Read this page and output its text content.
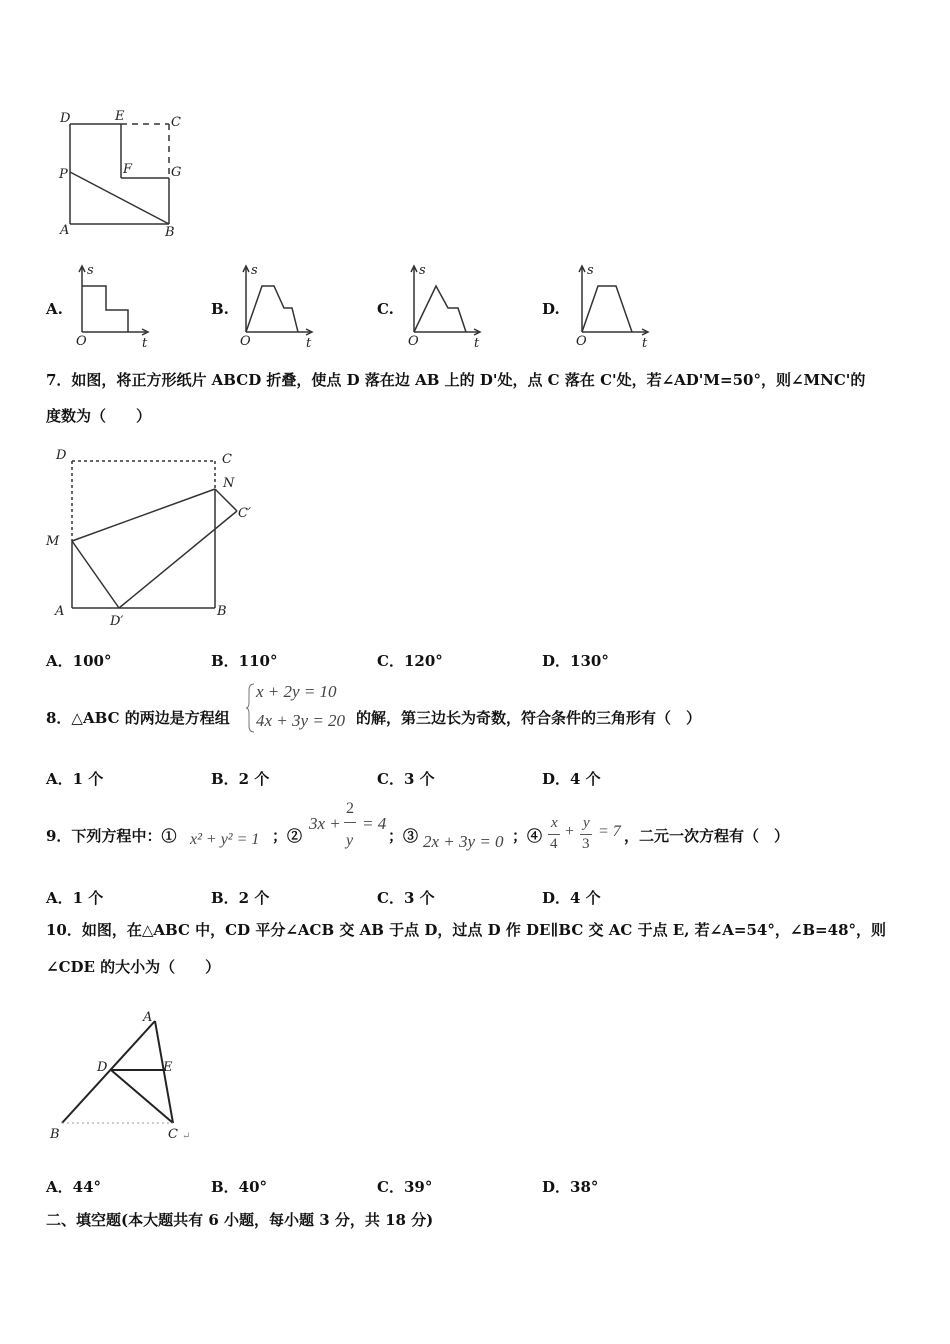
D	E	C
P	F	G
A	B
A.
s
O	t
B.
s
O	t
C.
s
O	t
D.
s
O	t
7．如图，将正方形纸片 ABCD 折叠，使点 D 落在边 AB 上的 D'处，点 C 落在 C'处，若∠AD'M=50°，则∠MNC'的
度数为（　　）
D	C
N
C′
M
A
D′
B
A．100°	B．110°	C．120°	D．130°
8．△ABC 的两边是方程组
x + 2y = 10
4x + 3y = 20 的解，第三边长为奇数，符合条件的三角形有（　）
A．1 个	B．2 个	C．3 个	D．4 个
9．下列方程中：① x² + y² = 1 ；②
3x +
2
y
= 4
；③ 2x + 3y = 0 ；④
x
4
+ y
3
= 7 ，二元一次方程有（　）
A．1 个	B．2 个	C．3 个	D．4 个
10．如图，在△ABC 中，CD 平分∠ACB 交 AB 于点 D，过点 D 作 DE∥BC 交 AC 于点 E, 若∠A=54°，∠B=48°，则
∠CDE 的大小为（　　）
A
D	E
B	C ↵
A．44°	B．40°	C．39°	D．38°
二、填空题(本大题共有 6 小题，每小题 3 分，共 18 分)
